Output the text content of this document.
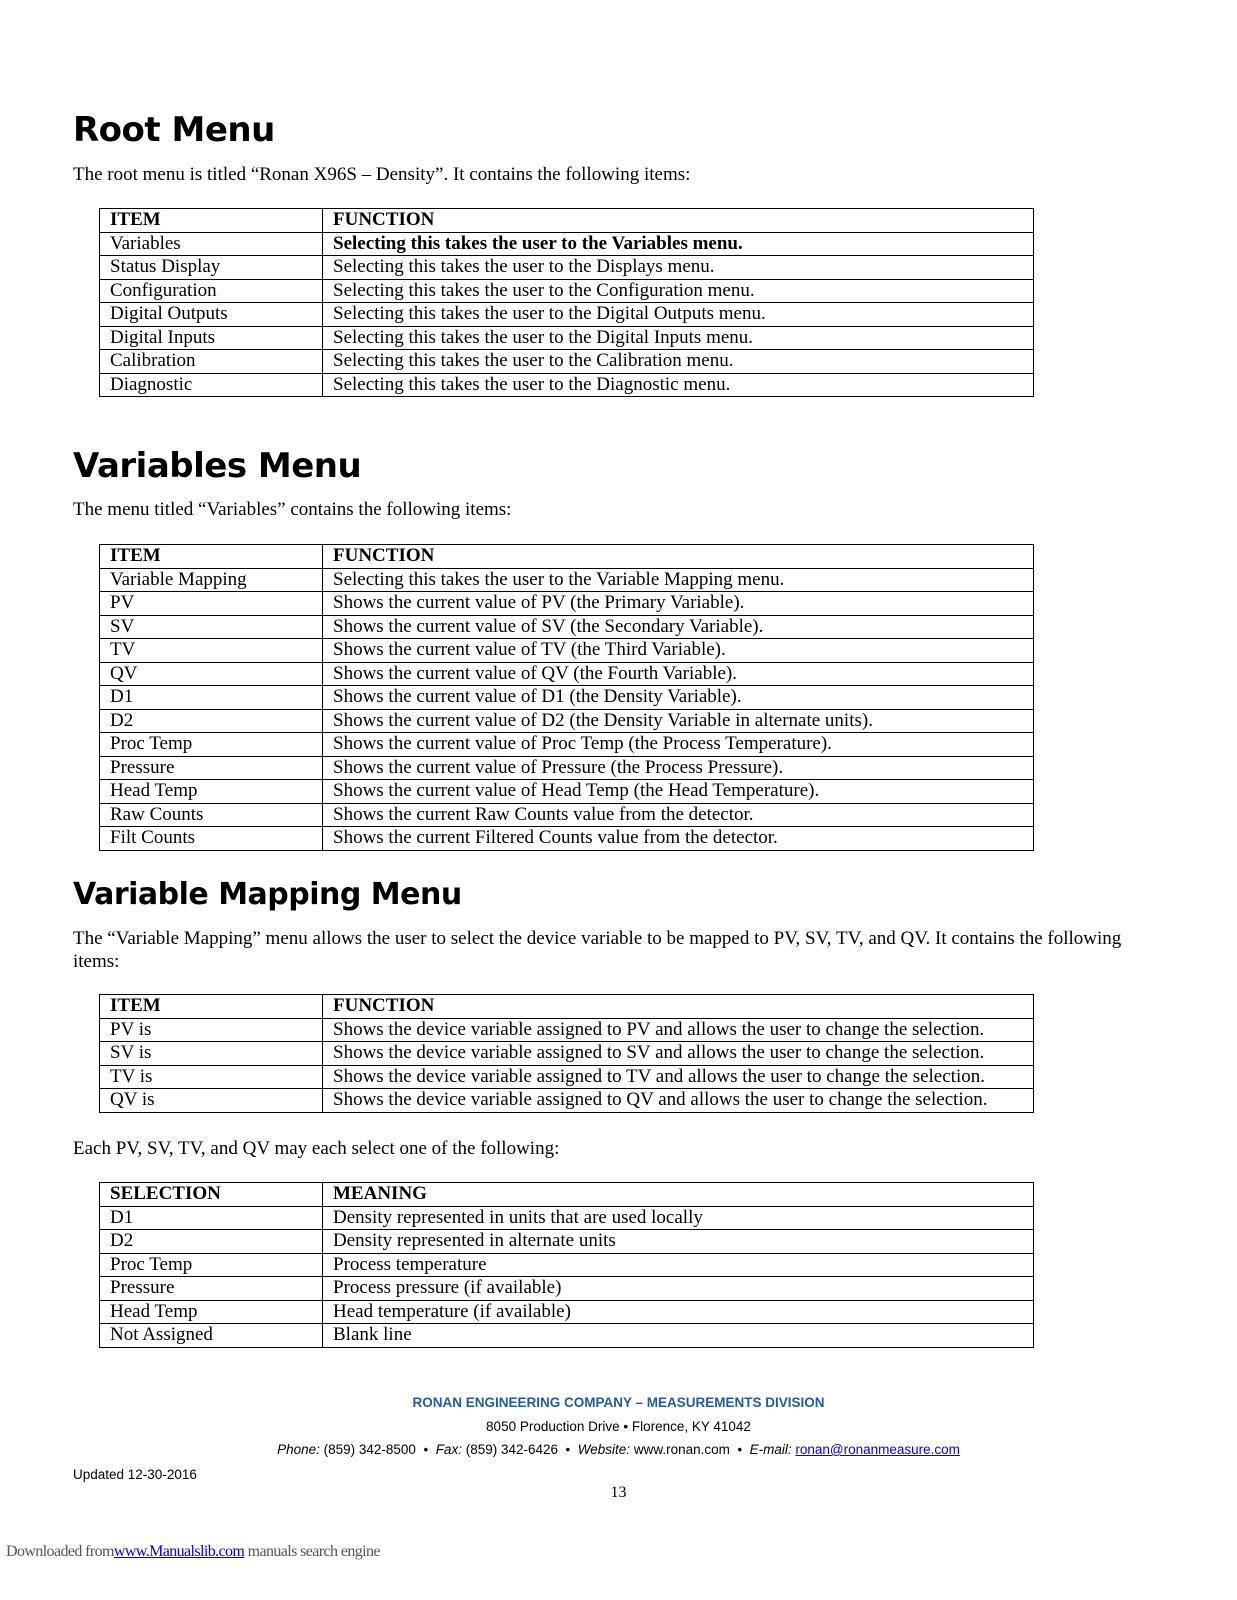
Root Menu

The root menu is titled “Ronan X96S – Density”. It contains the following items:

ITEM	FUNCTION
Variables	Selecting this takes the user to the Variables menu.
Status Display	Selecting this takes the user to the Displays menu.
Configuration	Selecting this takes the user to the Configuration menu.
Digital Outputs	Selecting this takes the user to the Digital Outputs menu.
Digital Inputs	Selecting this takes the user to the Digital Inputs menu.
Calibration	Selecting this takes the user to the Calibration menu.
Diagnostic	Selecting this takes the user to the Diagnostic menu.
Variables Menu

The menu titled “Variables” contains the following items:

ITEM	FUNCTION
Variable Mapping	Selecting this takes the user to the Variable Mapping menu.
PV	Shows the current value of PV (the Primary Variable).
SV	Shows the current value of SV (the Secondary Variable).
TV	Shows the current value of TV (the Third Variable).
QV	Shows the current value of QV (the Fourth Variable).
D1	Shows the current value of D1 (the Density Variable).
D2	Shows the current value of D2 (the Density Variable in alternate units).
Proc Temp	Shows the current value of Proc Temp (the Process Temperature).
Pressure	Shows the current value of Pressure (the Process Pressure).
Head Temp	Shows the current value of Head Temp (the Head Temperature).
Raw Counts	Shows the current Raw Counts value from the detector.
Filt Counts	Shows the current Filtered Counts value from the detector.
Variable Mapping Menu

The “Variable Mapping” menu allows the user to select the device variable to be mapped to PV, SV, TV, and QV. It contains the following items:

ITEM	FUNCTION
PV is	Shows the device variable assigned to PV and allows the user to change the selection.
SV is	Shows the device variable assigned to SV and allows the user to change the selection.
TV is	Shows the device variable assigned to TV and allows the user to change the selection.
QV is	Shows the device variable assigned to QV and allows the user to change the selection.

Each PV, SV, TV, and QV may each select one of the following:

SELECTION	MEANING
D1	Density represented in units that are used locally
D2	Density represented in alternate units
Proc Temp	Process temperature
Pressure	Process pressure (if available)
Head Temp	Head temperature (if available)
Not Assigned	Blank line
RONAN ENGINEERING COMPANY – MEASUREMENTS DIVISION
8050 Production Drive • Florence, KY 41042
Phone: (859) 342-8500  •  Fax: (859) 342-6426  •  Website: www.ronan.com  •  E-mail: ronan@ronanmeasure.com
Updated 12-30-2016
13
Downloaded fromwww.Manualslib.com manuals search engine
